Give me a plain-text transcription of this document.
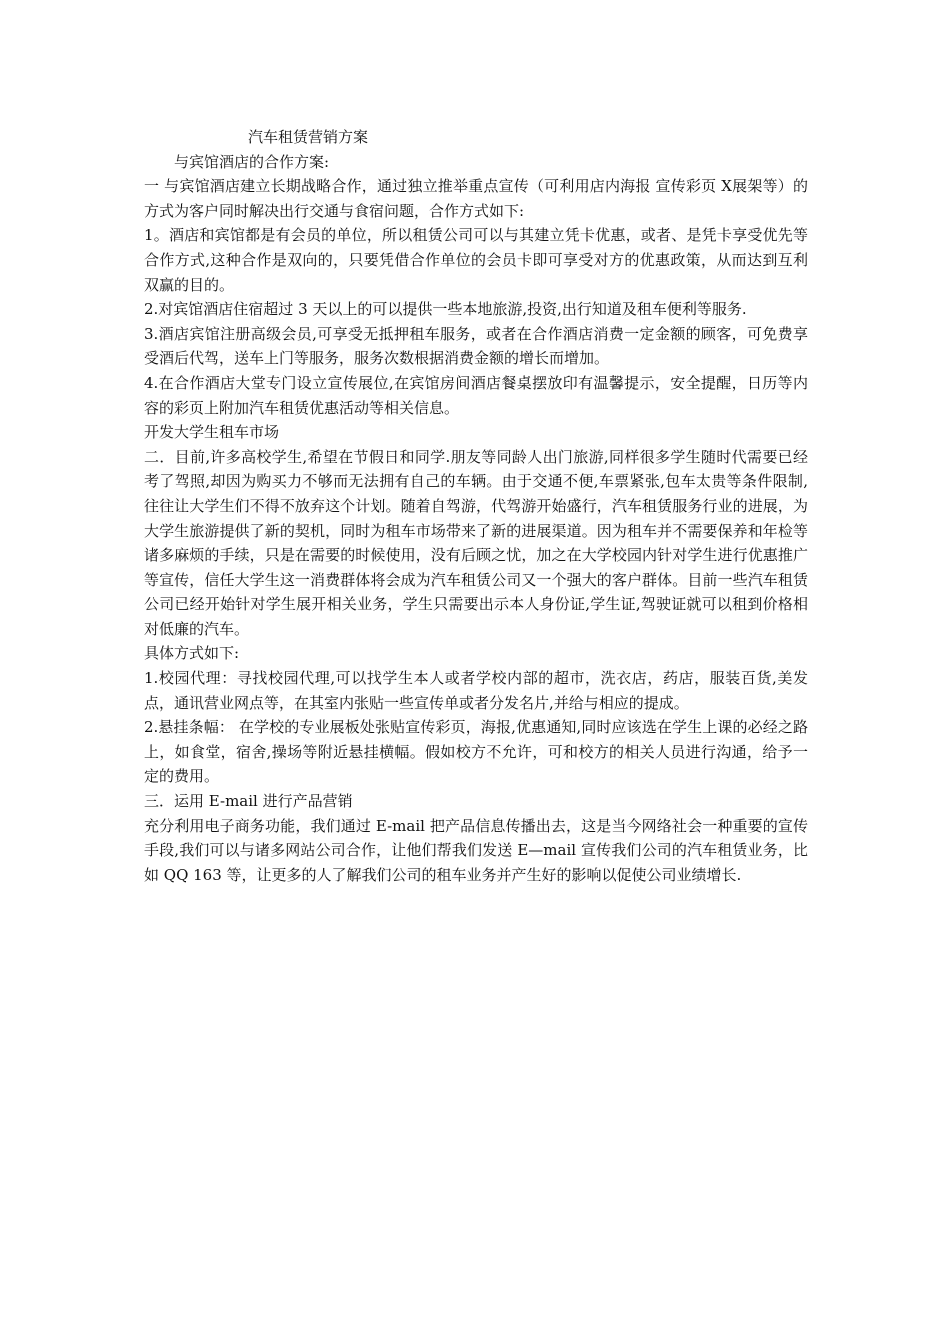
汽车租赁营销方案

与宾馆酒店的合作方案:

一 与宾馆酒店建立长期战略合作，通过独立推举重点宣传（可利用店内海报 宣传彩页 X展架等）的方式为客户同时解决出行交通与食宿问题，合作方式如下:

1。酒店和宾馆都是有会员的单位，所以租赁公司可以与其建立凭卡优惠，或者、是凭卡享受优先等合作方式,这种合作是双向的，只要凭借合作单位的会员卡即可享受对方的优惠政策，从而达到互利双赢的目的。

2.对宾馆酒店住宿超过 3 天以上的可以提供一些本地旅游,投资,出行知道及租车便利等服务.

3.酒店宾馆注册高级会员,可享受无抵押租车服务，或者在合作酒店消费一定金额的顾客，可免费享受酒后代驾，送车上门等服务，服务次数根据消费金额的增长而增加。

4.在合作酒店大堂专门设立宣传展位,在宾馆房间酒店餐桌摆放印有温馨提示，安全提醒，日历等内容的彩页上附加汽车租赁优惠活动等相关信息。

开发大学生租车市场

二．目前,许多高校学生,希望在节假日和同学.朋友等同龄人出门旅游,同样很多学生随时代需要已经考了驾照,却因为购买力不够而无法拥有自己的车辆。由于交通不便,车票紧张,包车太贵等条件限制,往往让大学生们不得不放弃这个计划。随着自驾游，代驾游开始盛行，汽车租赁服务行业的进展，为大学生旅游提供了新的契机，同时为租车市场带来了新的进展渠道。因为租车并不需要保养和年检等诸多麻烦的手续，只是在需要的时候使用，没有后顾之忧，加之在大学校园内针对学生进行优惠推广等宣传，信任大学生这一消费群体将会成为汽车租赁公司又一个强大的客户群体。目前一些汽车租赁公司已经开始针对学生展开相关业务，学生只需要出示本人身份证,学生证,驾驶证就可以租到价格相对低廉的汽车。

具体方式如下:

1.校园代理：寻找校园代理,可以找学生本人或者学校内部的超市，洗衣店，药店，服装百货,美发点，通讯营业网点等，在其室内张贴一些宣传单或者分发名片,并给与相应的提成。

2.悬挂条幅： 在学校的专业展板处张贴宣传彩页，海报,优惠通知,同时应该选在学生上课的必经之路上，如食堂，宿舍,操场等附近悬挂横幅。假如校方不允许，可和校方的相关人员进行沟通，给予一定的费用。

三．运用 E-mail 进行产品营销

充分利用电子商务功能，我们通过 E-mail 把产品信息传播出去，这是当今网络社会一种重要的宣传手段,我们可以与诸多网站公司合作，让他们帮我们发送 E—mail 宣传我们公司的汽车租赁业务，比如 QQ 163 等，让更多的人了解我们公司的租车业务并产生好的影响以促使公司业绩增长.
